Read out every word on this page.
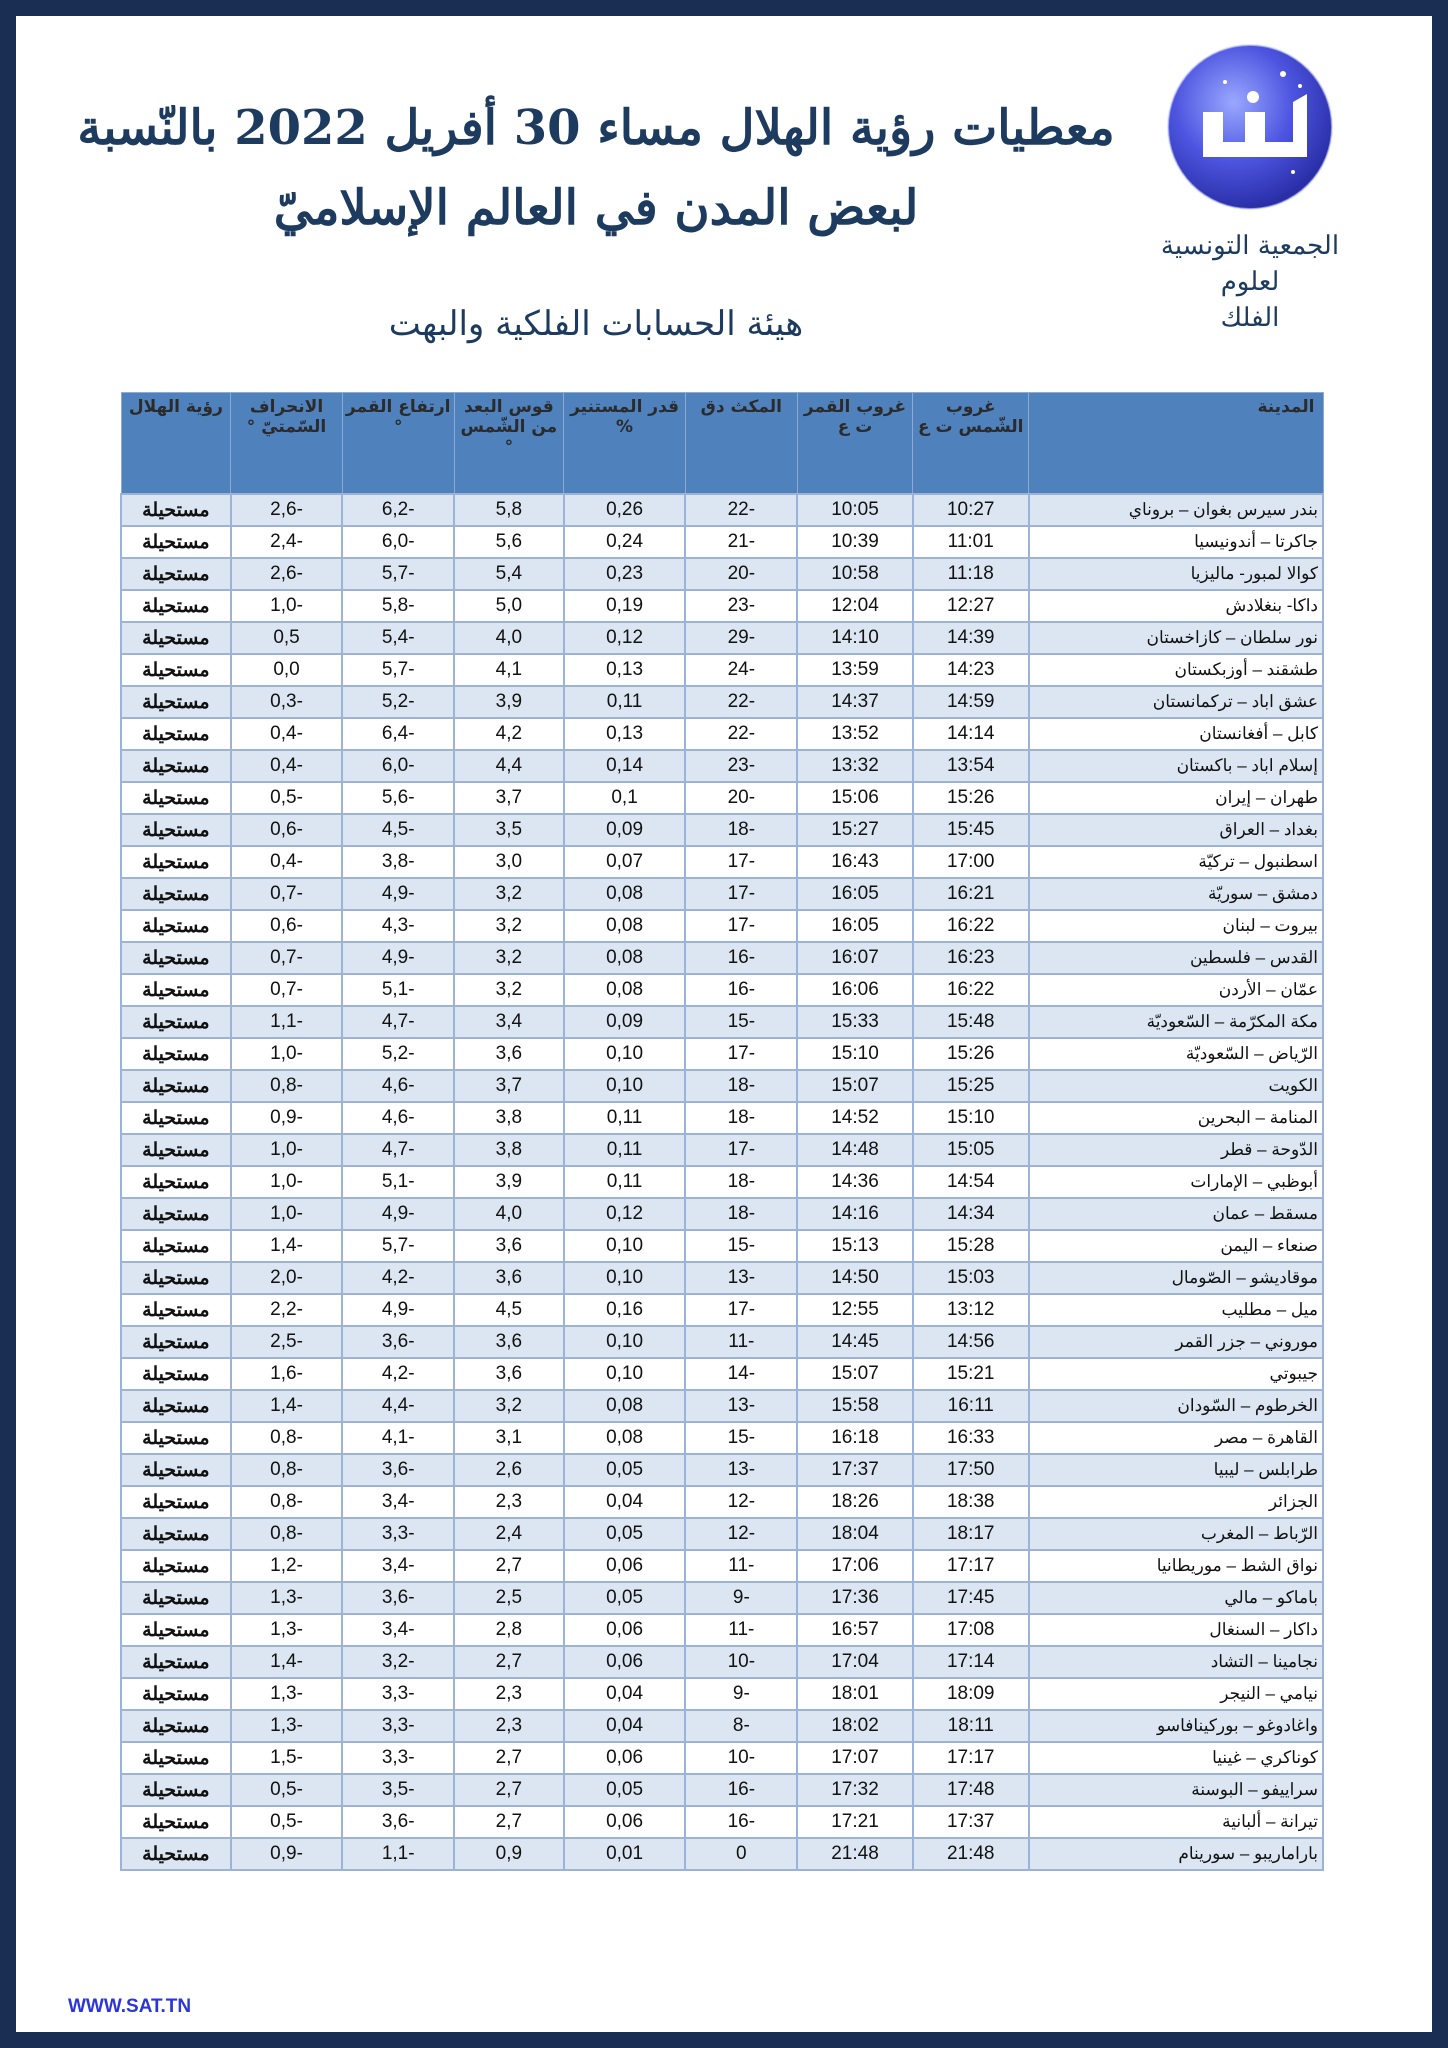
معطيات رؤية الهلال مساء 30 أفريل 2022 بالنّسبة
لبعض المدن في العالم الإسلاميّ
هيئة الحسابات الفلكية والبهت
الجمعية التونسية لعلوم
الفلك
المدينة	غروب الشّمس ت ع	غروب القمر ت ع	المكث دق	قدر المستنير %	قوس البعد من الشّمس °	ارتفاع القمر °	الانحراف السّمتيّ °	رؤية الهلال
بندر سيرس بغوان – بروناي	10:27	10:05	-22	0,26	5,8	-6,2	-2,6	مستحيلة
جاكرتا – أندونيسيا	11:01	10:39	-21	0,24	5,6	-6,0	-2,4	مستحيلة
كوالا لمبور- ماليزيا	11:18	10:58	-20	0,23	5,4	-5,7	-2,6	مستحيلة
داكا- بنغلادش	12:27	12:04	-23	0,19	5,0	-5,8	-1,0	مستحيلة
نور سلطان – كازاخستان	14:39	14:10	-29	0,12	4,0	-5,4	0,5	مستحيلة
طشقند – أوزبكستان	14:23	13:59	-24	0,13	4,1	-5,7	0,0	مستحيلة
عشق اباد – تركمانستان	14:59	14:37	-22	0,11	3,9	-5,2	-0,3	مستحيلة
كابل – أفغانستان	14:14	13:52	-22	0,13	4,2	-6,4	-0,4	مستحيلة
إسلام اباد – باكستان	13:54	13:32	-23	0,14	4,4	-6,0	-0,4	مستحيلة
طهران – إيران	15:26	15:06	-20	0,1	3,7	-5,6	-0,5	مستحيلة
بغداد – العراق	15:45	15:27	-18	0,09	3,5	-4,5	-0,6	مستحيلة
اسطنبول – تركيّة	17:00	16:43	-17	0,07	3,0	-3,8	-0,4	مستحيلة
دمشق – سوريّة	16:21	16:05	-17	0,08	3,2	-4,9	-0,7	مستحيلة
بيروت – لبنان	16:22	16:05	-17	0,08	3,2	-4,3	-0,6	مستحيلة
القدس – فلسطين	16:23	16:07	-16	0,08	3,2	-4,9	-0,7	مستحيلة
عمّان – الأردن	16:22	16:06	-16	0,08	3,2	-5,1	-0,7	مستحيلة
مكة المكرّمة – السّعوديّة	15:48	15:33	-15	0,09	3,4	-4,7	-1,1	مستحيلة
الرّياض – السّعوديّة	15:26	15:10	-17	0,10	3,6	-5,2	-1,0	مستحيلة
الكويت	15:25	15:07	-18	0,10	3,7	-4,6	-0,8	مستحيلة
المنامة – البحرين	15:10	14:52	-18	0,11	3,8	-4,6	-0,9	مستحيلة
الدّوحة – قطر	15:05	14:48	-17	0,11	3,8	-4,7	-1,0	مستحيلة
أبوظبي – الإمارات	14:54	14:36	-18	0,11	3,9	-5,1	-1,0	مستحيلة
مسقط – عمان	14:34	14:16	-18	0,12	4,0	-4,9	-1,0	مستحيلة
صنعاء – اليمن	15:28	15:13	-15	0,10	3,6	-5,7	-1,4	مستحيلة
موقاديشو – الصّومال	15:03	14:50	-13	0,10	3,6	-4,2	-2,0	مستحيلة
ميل – مطليب	13:12	12:55	-17	0,16	4,5	-4,9	-2,2	مستحيلة
موروني – جزر القمر	14:56	14:45	-11	0,10	3,6	-3,6	-2,5	مستحيلة
جيبوتي	15:21	15:07	-14	0,10	3,6	-4,2	-1,6	مستحيلة
الخرطوم – السّودان	16:11	15:58	-13	0,08	3,2	-4,4	-1,4	مستحيلة
القاهرة – مصر	16:33	16:18	-15	0,08	3,1	-4,1	-0,8	مستحيلة
طرابلس – ليبيا	17:50	17:37	-13	0,05	2,6	-3,6	-0,8	مستحيلة
الجزائر	18:38	18:26	-12	0,04	2,3	-3,4	-0,8	مستحيلة
الرّباط – المغرب	18:17	18:04	-12	0,05	2,4	-3,3	-0,8	مستحيلة
نواق الشط – موريطانيا	17:17	17:06	-11	0,06	2,7	-3,4	-1,2	مستحيلة
باماكو – مالي	17:45	17:36	-9	0,05	2,5	-3,6	-1,3	مستحيلة
داكار – السنغال	17:08	16:57	-11	0,06	2,8	-3,4	-1,3	مستحيلة
نجامينا – التشاد	17:14	17:04	-10	0,06	2,7	-3,2	-1,4	مستحيلة
نيامي – النيجر	18:09	18:01	-9	0,04	2,3	-3,3	-1,3	مستحيلة
واغادوغو – بوركينافاسو	18:11	18:02	-8	0,04	2,3	-3,3	-1,3	مستحيلة
كوناكري – غينيا	17:17	17:07	-10	0,06	2,7	-3,3	-1,5	مستحيلة
سراييفو – البوسنة	17:48	17:32	-16	0,05	2,7	-3,5	-0,5	مستحيلة
تيرانة – ألبانية	17:37	17:21	-16	0,06	2,7	-3,6	-0,5	مستحيلة
باراماريبو – سورينام	21:48	21:48	0	0,01	0,9	-1,1	-0,9	مستحيلة
WWW.SAT.TN
